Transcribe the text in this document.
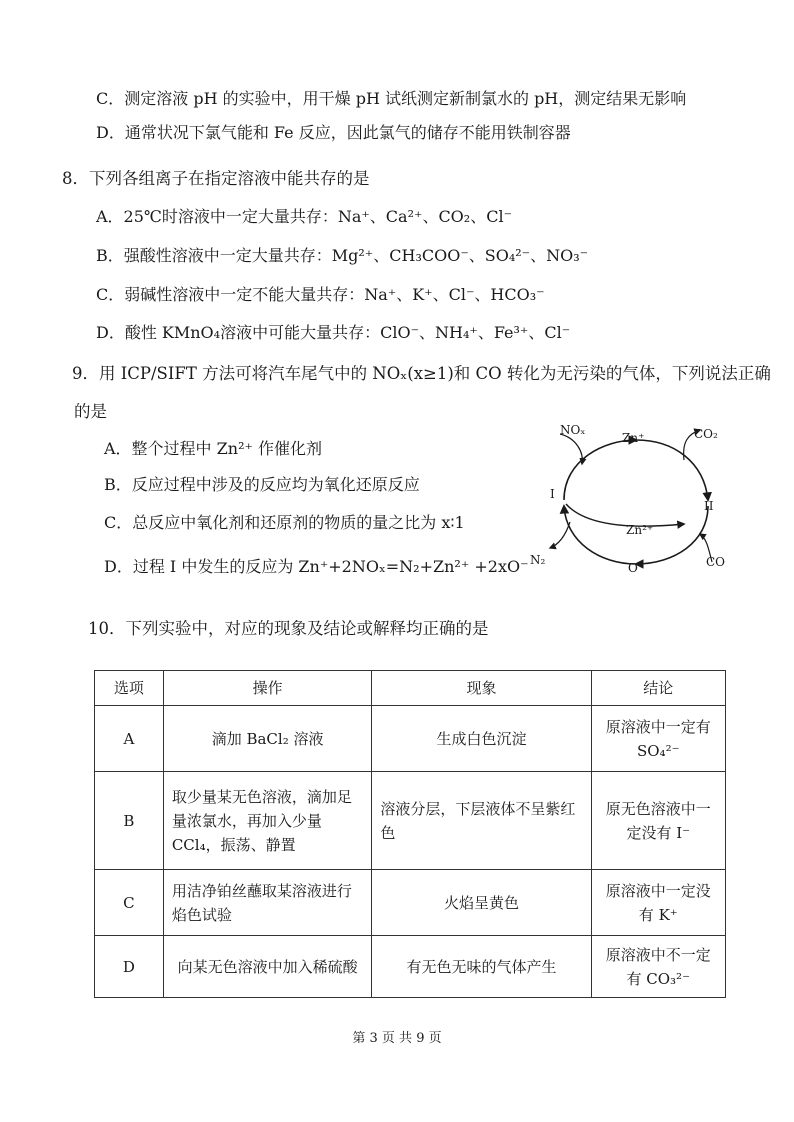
C．测定溶液 pH 的实验中，用干燥 pH 试纸测定新制氯水的 pH，测定结果无影响
D．通常状况下氯气能和 Fe 反应，因此氯气的储存不能用铁制容器
8．下列各组离子在指定溶液中能共存的是
A．25℃时溶液中一定大量共存：Na⁺、Ca²⁺、CO₂、Cl⁻
B．强酸性溶液中一定大量共存：Mg²⁺、CH₃COO⁻、SO₄²⁻、NO₃⁻
C．弱碱性溶液中一定不能大量共存：Na⁺、K⁺、Cl⁻、HCO₃⁻
D．酸性 KMnO₄溶液中可能大量共存：ClO⁻、NH₄⁺、Fe³⁺、Cl⁻
9．用 ICP/SIFT 方法可将汽车尾气中的 NOₓ(x≥1)和 CO 转化为无污染的气体，下列说法正确
的是
A．整个过程中 Zn²⁺ 作催化剂
B．反应过程中涉及的反应均为氧化还原反应
C．总反应中氧化剂和还原剂的物质的量之比为 x∶1
D．过程 I 中发生的反应为 Zn⁺+2NOₓ=N₂+Zn²⁺ +2xO⁻
NOₓ
Zn⁺	CO₂
I
II
Zn²⁺
N₂
O⁻	CO
10．下列实验中，对应的现象及结论或解释均正确的是
选项	操作	现象	结论
A	滴加 BaCl₂ 溶液	生成白色沉淀	原溶液中一定有 SO₄²⁻
B	取少量某无色溶液，滴加足量浓氯水，再加入少量 CCl₄，振荡、静置	溶液分层，下层液体不呈紫红色	原无色溶液中一定没有 I⁻
C	用洁净铂丝蘸取某溶液进行焰色试验	火焰呈黄色	原溶液中一定没有 K⁺
D	向某无色溶液中加入稀硫酸	有无色无味的气体产生	原溶液中不一定有 CO₃²⁻
第 3 页 共 9 页
